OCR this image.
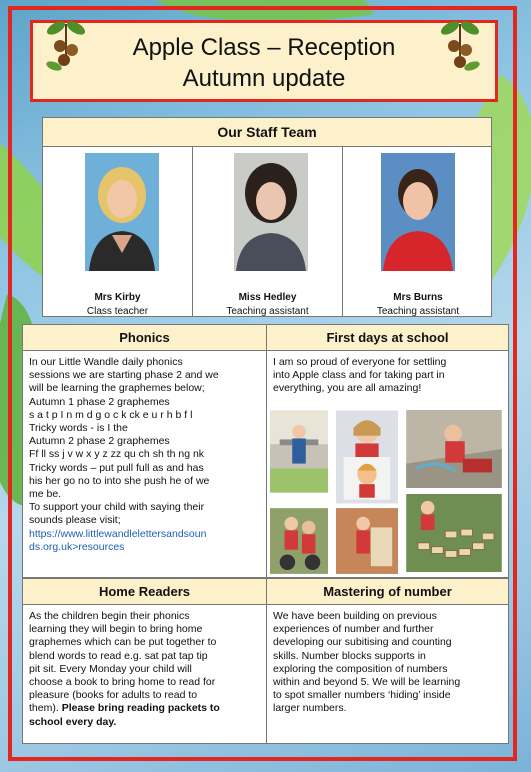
Apple Class – Reception
Autumn update
Our Staff Team
Mrs Kirby
Class teacher
Miss Hedley
Teaching assistant
Mrs Burns
Teaching assistant
Phonics
In our Little Wandle daily phonics
sessions we are starting phase 2 and we
will be learning the graphemes below;
Autumn 1 phase 2 graphemes
s a t p I n m d g o c k ck e u r h b f l
Tricky words - is I the
Autumn 2 phase 2 graphemes
Ff ll ss j v w x y z zz qu ch sh th ng nk
Tricky words – put pull full as and has
his her go no to into she push he of we
me be.
To support your child with saying their
sounds please visit;
https://www.littlewandlelettersandsoun
ds.org.uk>resources
First days at school
I am so proud of everyone for settling
into Apple class and for taking part in
everything, you are all amazing!
Home Readers
As the children begin their phonics
learning they will begin to bring home
graphemes which can be put together to
blend words to read e.g. sat pat tap tip
pit sit. Every Monday your child will
choose a book to bring home to read for
pleasure (books for adults to read to
them). Please bring reading packets to
school every day.
Mastering of number
We have been building on previous
experiences of number and further
developing our subitising and counting
skills. Number blocks supports in
exploring the composition of numbers
within and beyond 5. We will be learning
to spot smaller numbers ‘hiding’ inside
larger numbers.
